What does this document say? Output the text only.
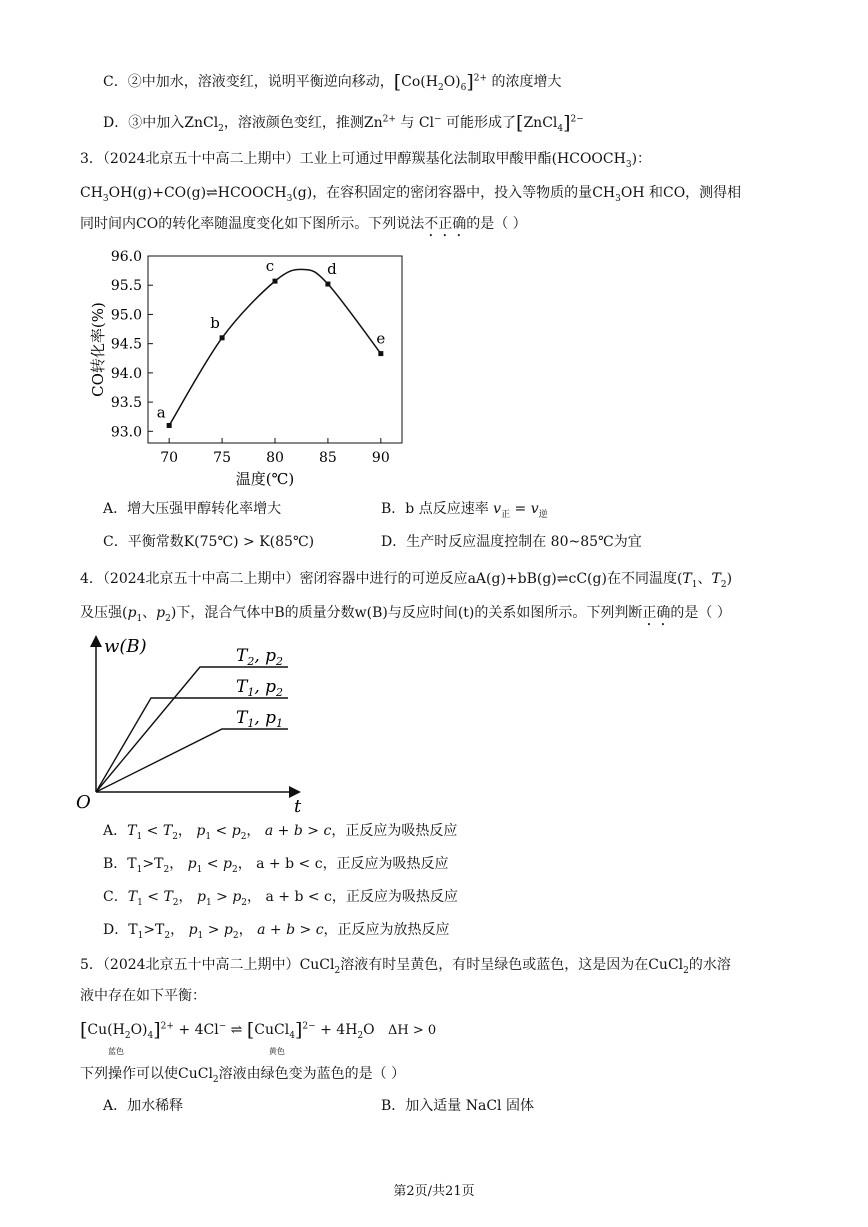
C．②中加水，溶液变红，说明平衡逆向移动，$[Co(H_2O)_6]^{2+}$ 的浓度增大
D．③中加入ZnCl$_2$，溶液颜色变红，推测$Zn^{2+}$ 与 Cl− 可能形成了[ZnCl$_4$]$^{2-}$
3．（2024北京五十中高二上期中）工业上可通过甲醇羰基化法制取甲酸甲酯$(HCOOCH_3)$：
$CH_3OH(g)+CO(g)\rightleftharpoons HCOOCH_3(g)$，在容积固定的密闭容器中，投入等物质的量$CH_3OH$ 和CO，测得相
同时间内CO的转化率随温度变化如下图所示。下列说法不正确的是（ ）
93.0
93.5
94.0
94.5
95.0
95.5
96.0
70	75	80	85	90
温度(℃)
CO转化率(%)
a
b
c	d
e
A．增大压强甲醇转化率增大	B．b 点反应速率 $v_正 = v_逆$
C．平衡常数K(75℃) > K(85℃)	D．生产时反应温度控制在 80~85℃为宜
4．（2024北京五十中高二上期中）密闭容器中进行的可逆反应aA(g)+bB(g)⇌cC(g)在不同温度($T_1$、$T_2$)
及压强($p_1$、$p_2$)下，混合气体中B的质量分数w(B)与反应时间(t)的关系如图所示。下列判断正确的是（ ）
w(B)
O	t
$T_2$, $p_2$
$T_1$, $p_2$
$T_1$, $p_1$
A．$T_1 < T_2$， $p_1 < p_2$， a + b > c，正反应为吸热反应
B．$T_1>T_2$， $p_1 < p_2$， a + b < c，正反应为吸热反应
C．$T_1 < T_2$， $p_1 > p_2$， a + b < c，正反应为吸热反应
D．$T_1>T_2$， $p_1 > p_2$， a + b > c，正反应为放热反应
5．（2024北京五十中高二上期中）CuCl$_2$溶液有时呈黄色，有时呈绿色或蓝色，这是因为在CuCl$_2$的水溶
液中存在如下平衡：
$[Cu(H_2O)_4]$
蓝色
$^{2+}$ + 4Cl− ⇌ [CuCl$_4$]
黄色
$^{2-} + 4H_2O$   ΔH > 0
下列操作可以使CuCl$_2$溶液由绿色变为蓝色的是（ ）
A．加水稀释	B．加入适量 NaCl 固体
第2页/共21页
